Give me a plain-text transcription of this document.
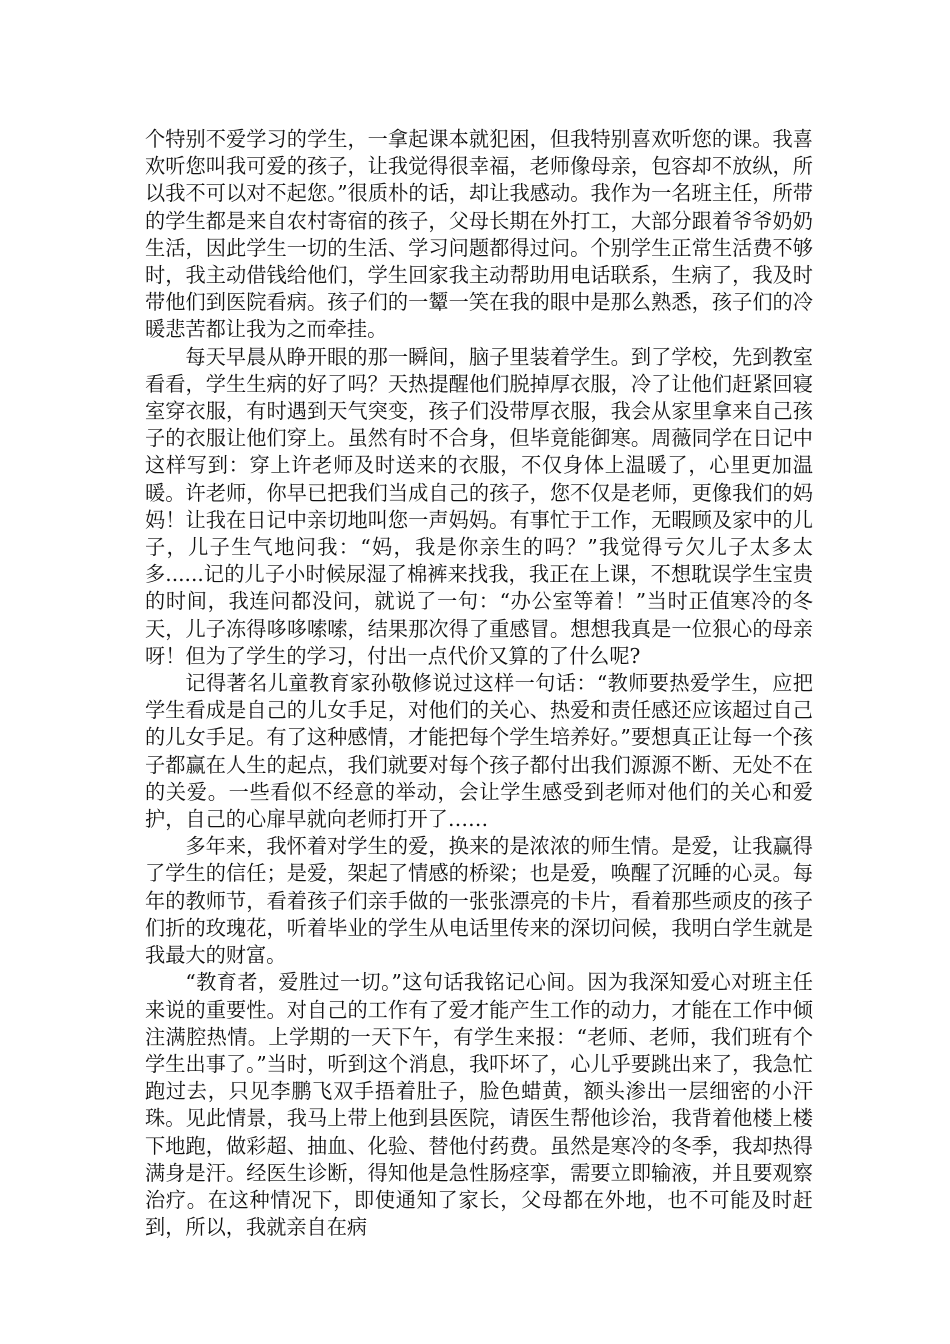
个特别不爱学习的学生，一拿起课本就犯困，但我特别喜欢听您的课。我喜欢听您叫我可爱的孩子，让我觉得很幸福，老师像母亲，包容却不放纵，所以我不可以对不起您。”很质朴的话，却让我感动。我作为一名班主任，所带的学生都是来自农村寄宿的孩子，父母长期在外打工，大部分跟着爷爷奶奶生活，因此学生一切的生活、学习问题都得过问。个别学生正常生活费不够时，我主动借钱给他们，学生回家我主动帮助用电话联系，生病了，我及时带他们到医院看病。孩子们的一颦一笑在我的眼中是那么熟悉，孩子们的冷暖悲苦都让我为之而牵挂。

每天早晨从睁开眼的那一瞬间，脑子里装着学生。到了学校，先到教室看看，学生生病的好了吗？天热提醒他们脱掉厚衣服，冷了让他们赶紧回寝室穿衣服，有时遇到天气突变，孩子们没带厚衣服，我会从家里拿来自己孩子的衣服让他们穿上。虽然有时不合身，但毕竟能御寒。周薇同学在日记中这样写到：穿上许老师及时送来的衣服，不仅身体上温暖了，心里更加温暖。许老师，你早已把我们当成自己的孩子，您不仅是老师，更像我们的妈妈！让我在日记中亲切地叫您一声妈妈。有事忙于工作，无暇顾及家中的儿子，儿子生气地问我：“妈，我是你亲生的吗？”我觉得亏欠儿子太多太多......记的儿子小时候尿湿了棉裤来找我，我正在上课，不想耽误学生宝贵的时间，我连问都没问，就说了一句：“办公室等着！”当时正值寒冷的冬天，儿子冻得哆哆嗦嗦，结果那次得了重感冒。想想我真是一位狠心的母亲呀！但为了学生的学习，付出一点代价又算的了什么呢?

记得著名儿童教育家孙敬修说过这样一句话：“教师要热爱学生，应把学生看成是自己的儿女手足，对他们的关心、热爱和责任感还应该超过自己的儿女手足。有了这种感情，才能把每个学生培养好。”要想真正让每一个孩子都赢在人生的起点，我们就要对每个孩子都付出我们源源不断、无处不在的关爱。一些看似不经意的举动，会让学生感受到老师对他们的关心和爱护，自己的心扉早就向老师打开了……

多年来，我怀着对学生的爱，换来的是浓浓的师生情。是爱，让我赢得了学生的信任；是爱，架起了情感的桥梁；也是爱，唤醒了沉睡的心灵。每年的教师节，看着孩子们亲手做的一张张漂亮的卡片，看着那些顽皮的孩子们折的玫瑰花，听着毕业的学生从电话里传来的深切问候，我明白学生就是我最大的财富。

“教育者，爱胜过一切。”这句话我铭记心间。因为我深知爱心对班主任来说的重要性。对自己的工作有了爱才能产生工作的动力，才能在工作中倾注满腔热情。上学期的一天下午，有学生来报：“老师、老师，我们班有个学生出事了。”当时，听到这个消息，我吓坏了，心儿乎要跳出来了，我急忙跑过去，只见李鹏飞双手捂着肚子，脸色蜡黄，额头渗出一层细密的小汗珠。见此情景，我马上带上他到县医院，请医生帮他诊治，我背着他楼上楼下地跑，做彩超、抽血、化验、替他付药费。虽然是寒冷的冬季，我却热得满身是汗。经医生诊断，得知他是急性肠痉挛，需要立即输液，并且要观察治疗。在这种情况下，即使通知了家长，父母都在外地，也不可能及时赶到，所以，我就亲自在病
